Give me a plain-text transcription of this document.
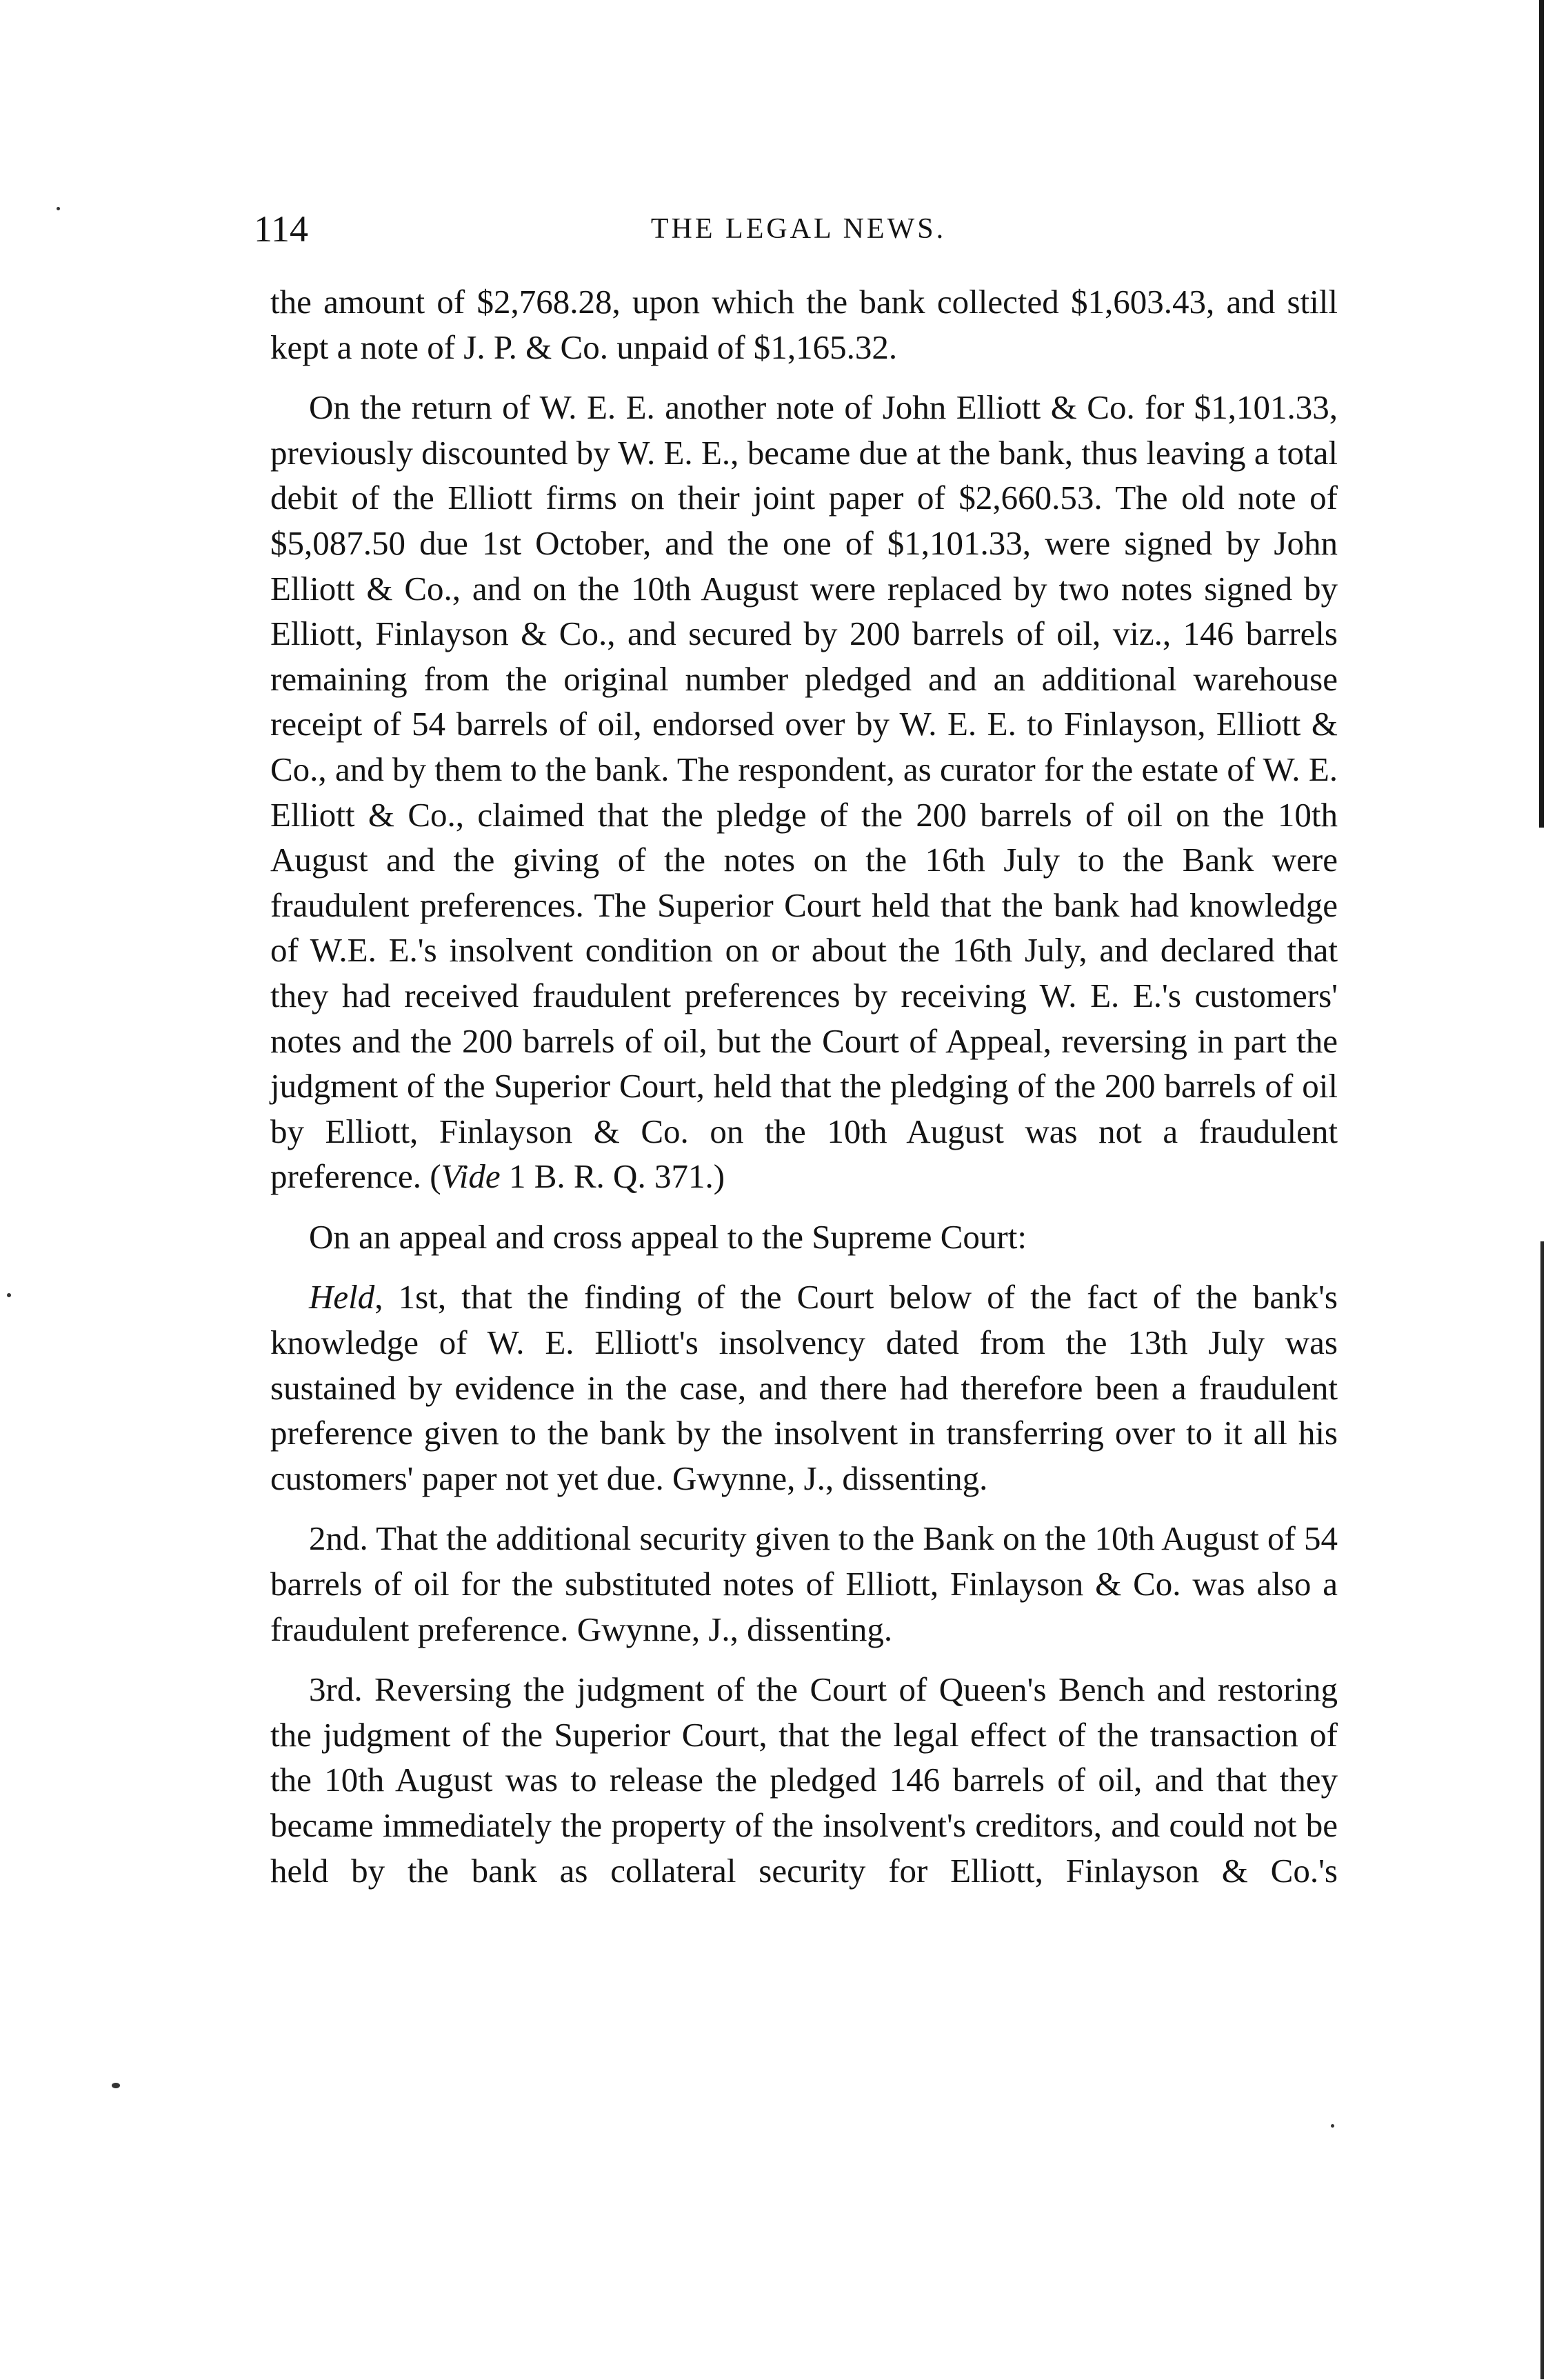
114	THE LEGAL NEWS.

the amount of $2,768.28, upon which the bank collected $1,603.43, and still kept a note of J. P. & Co. unpaid of $1,165.32.

On the return of W. E. E. another note of John Elliott & Co. for $1,101.33, previously discounted by W. E. E., became due at the bank, thus leaving a total debit of the Elliott firms on their joint paper of $2,660.53. The old note of $5,087.50 due 1st October, and the one of $1,101.33, were signed by John Elliott & Co., and on the 10th August were replaced by two notes signed by Elliott, Finlayson & Co., and secured by 200 barrels of oil, viz., 146 barrels remaining from the original number pledged and an additional warehouse receipt of 54 barrels of oil, endorsed over by W. E. E. to Finlayson, Elliott & Co., and by them to the bank. The respondent, as curator for the estate of W. E. Elliott & Co., claimed that the pledge of the 200 barrels of oil on the 10th August and the giving of the notes on the 16th July to the Bank were fraudulent preferences. The Superior Court held that the bank had knowledge of W.E. E.'s insolvent condition on or about the 16th July, and declared that they had received fraudulent preferences by receiving W. E. E.'s customers' notes and the 200 barrels of oil, but the Court of Appeal, reversing in part the judgment of the Superior Court, held that the pledging of the 200 barrels of oil by Elliott, Finlayson & Co. on the 10th August was not a fraudulent preference. (Vide 1 B. R. Q. 371.)

On an appeal and cross appeal to the Supreme Court:

Held, 1st, that the finding of the Court below of the fact of the bank's knowledge of W. E. Elliott's insolvency dated from the 13th July was sustained by evidence in the case, and there had therefore been a fraudulent preference given to the bank by the insolvent in transferring over to it all his customers' paper not yet due. Gwynne, J., dissenting.

2nd. That the additional security given to the Bank on the 10th August of 54 barrels of oil for the substituted notes of Elliott, Finlayson & Co. was also a fraudulent preference. Gwynne, J., dissenting.

3rd. Reversing the judgment of the Court of Queen's Bench and restoring the judgment of the Superior Court, that the legal effect of the transaction of the 10th August was to release the pledged 146 barrels of oil, and that they became immediately the property of the insolvent's creditors, and could not be held by the bank as collateral security for Elliott, Finlayson & Co.'s
